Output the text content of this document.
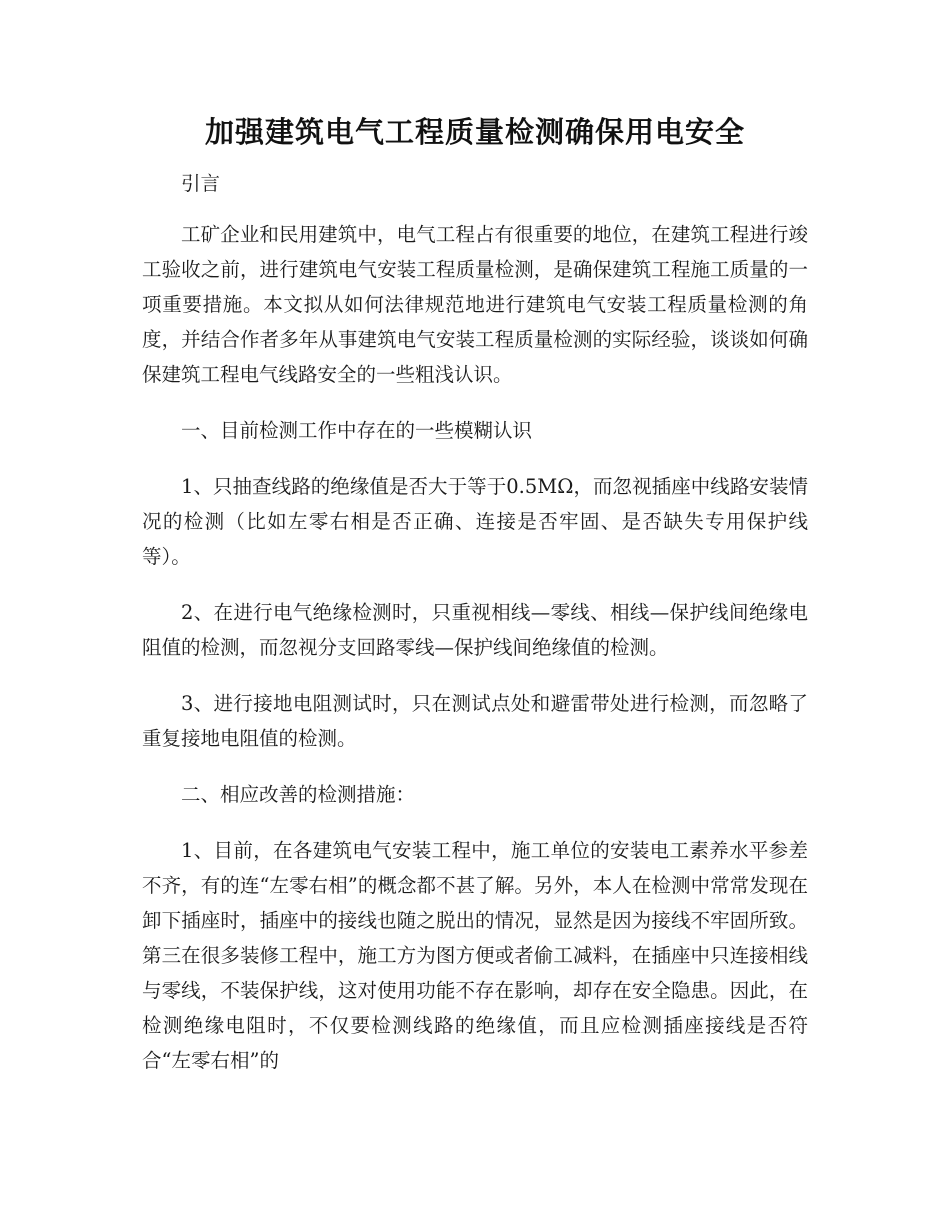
加强建筑电气工程质量检测确保用电安全

引言

工矿企业和民用建筑中，电气工程占有很重要的地位，在建筑工程进行竣工验收之前，进行建筑电气安装工程质量检测，是确保建筑工程施工质量的一项重要措施。本文拟从如何法律规范地进行建筑电气安装工程质量检测的角度，并结合作者多年从事建筑电气安装工程质量检测的实际经验，谈谈如何确保建筑工程电气线路安全的一些粗浅认识。

一、目前检测工作中存在的一些模糊认识

1、只抽查线路的绝缘值是否大于等于0.5MΩ，而忽视插座中线路安装情况的检测（比如左零右相是否正确、连接是否牢固、是否缺失专用保护线等）。

2、在进行电气绝缘检测时，只重视相线—零线、相线—保护线间绝缘电阻值的检测，而忽视分支回路零线—保护线间绝缘值的检测。

3、进行接地电阻测试时，只在测试点处和避雷带处进行检测，而忽略了重复接地电阻值的检测。

二、相应改善的检测措施：

1、目前，在各建筑电气安装工程中，施工单位的安装电工素养水平参差不齐，有的连“左零右相”的概念都不甚了解。另外，本人在检测中常常发现在卸下插座时，插座中的接线也随之脱出的情况，显然是因为接线不牢固所致。第三在很多装修工程中，施工方为图方便或者偷工减料，在插座中只连接相线与零线，不装保护线，这对使用功能不存在影响，却存在安全隐患。因此，在检测绝缘电阻时，不仅要检测线路的绝缘值，而且应检测插座接线是否符合“左零右相”的
